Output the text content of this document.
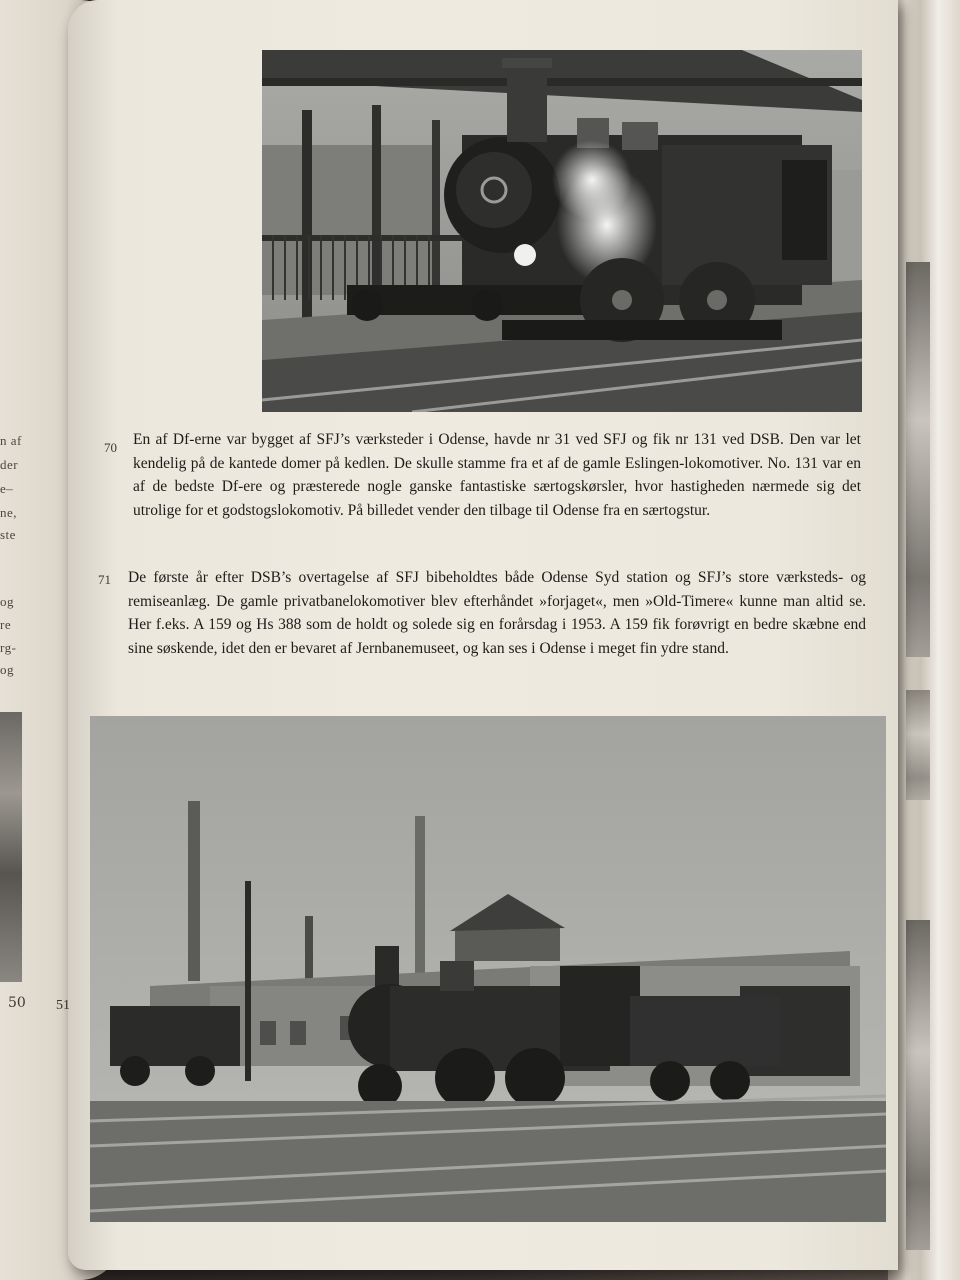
n af
der
e–
ne,
ste
og
re
rg-
og
50
70 En af Df-erne var bygget af SFJ’s værksteder i Odense, havde nr 31 ved SFJ og fik nr 131 ved DSB. Den var let kendelig på de kantede domer på kedlen. De skulle stamme fra et af de gamle Eslingen-lokomotiver. No. 131 var en af de bedste Df-ere og præsterede nogle ganske fantastiske særtogskørsler, hvor hastigheden nærmede sig det utrolige for et godstogslokomotiv. På billedet vender den tilbage til Odense fra en særtogstur.

71 De første år efter DSB’s overtagelse af SFJ bibeholdtes både Odense Syd station og SFJ’s store værksteds- og remiseanlæg. De gamle privatbanelokomotiver blev efterhåndet »forjaget«, men »Old-Timere« kunne man altid se. Her f.eks. A 159 og Hs 388 som de holdt og solede sig en forårsdag i 1953. A 159 fik forøvrigt en bedre skæbne end sine søskende, idet den er bevaret af Jernbanemuseet, og kan ses i Odense i meget fin ydre stand.

51
